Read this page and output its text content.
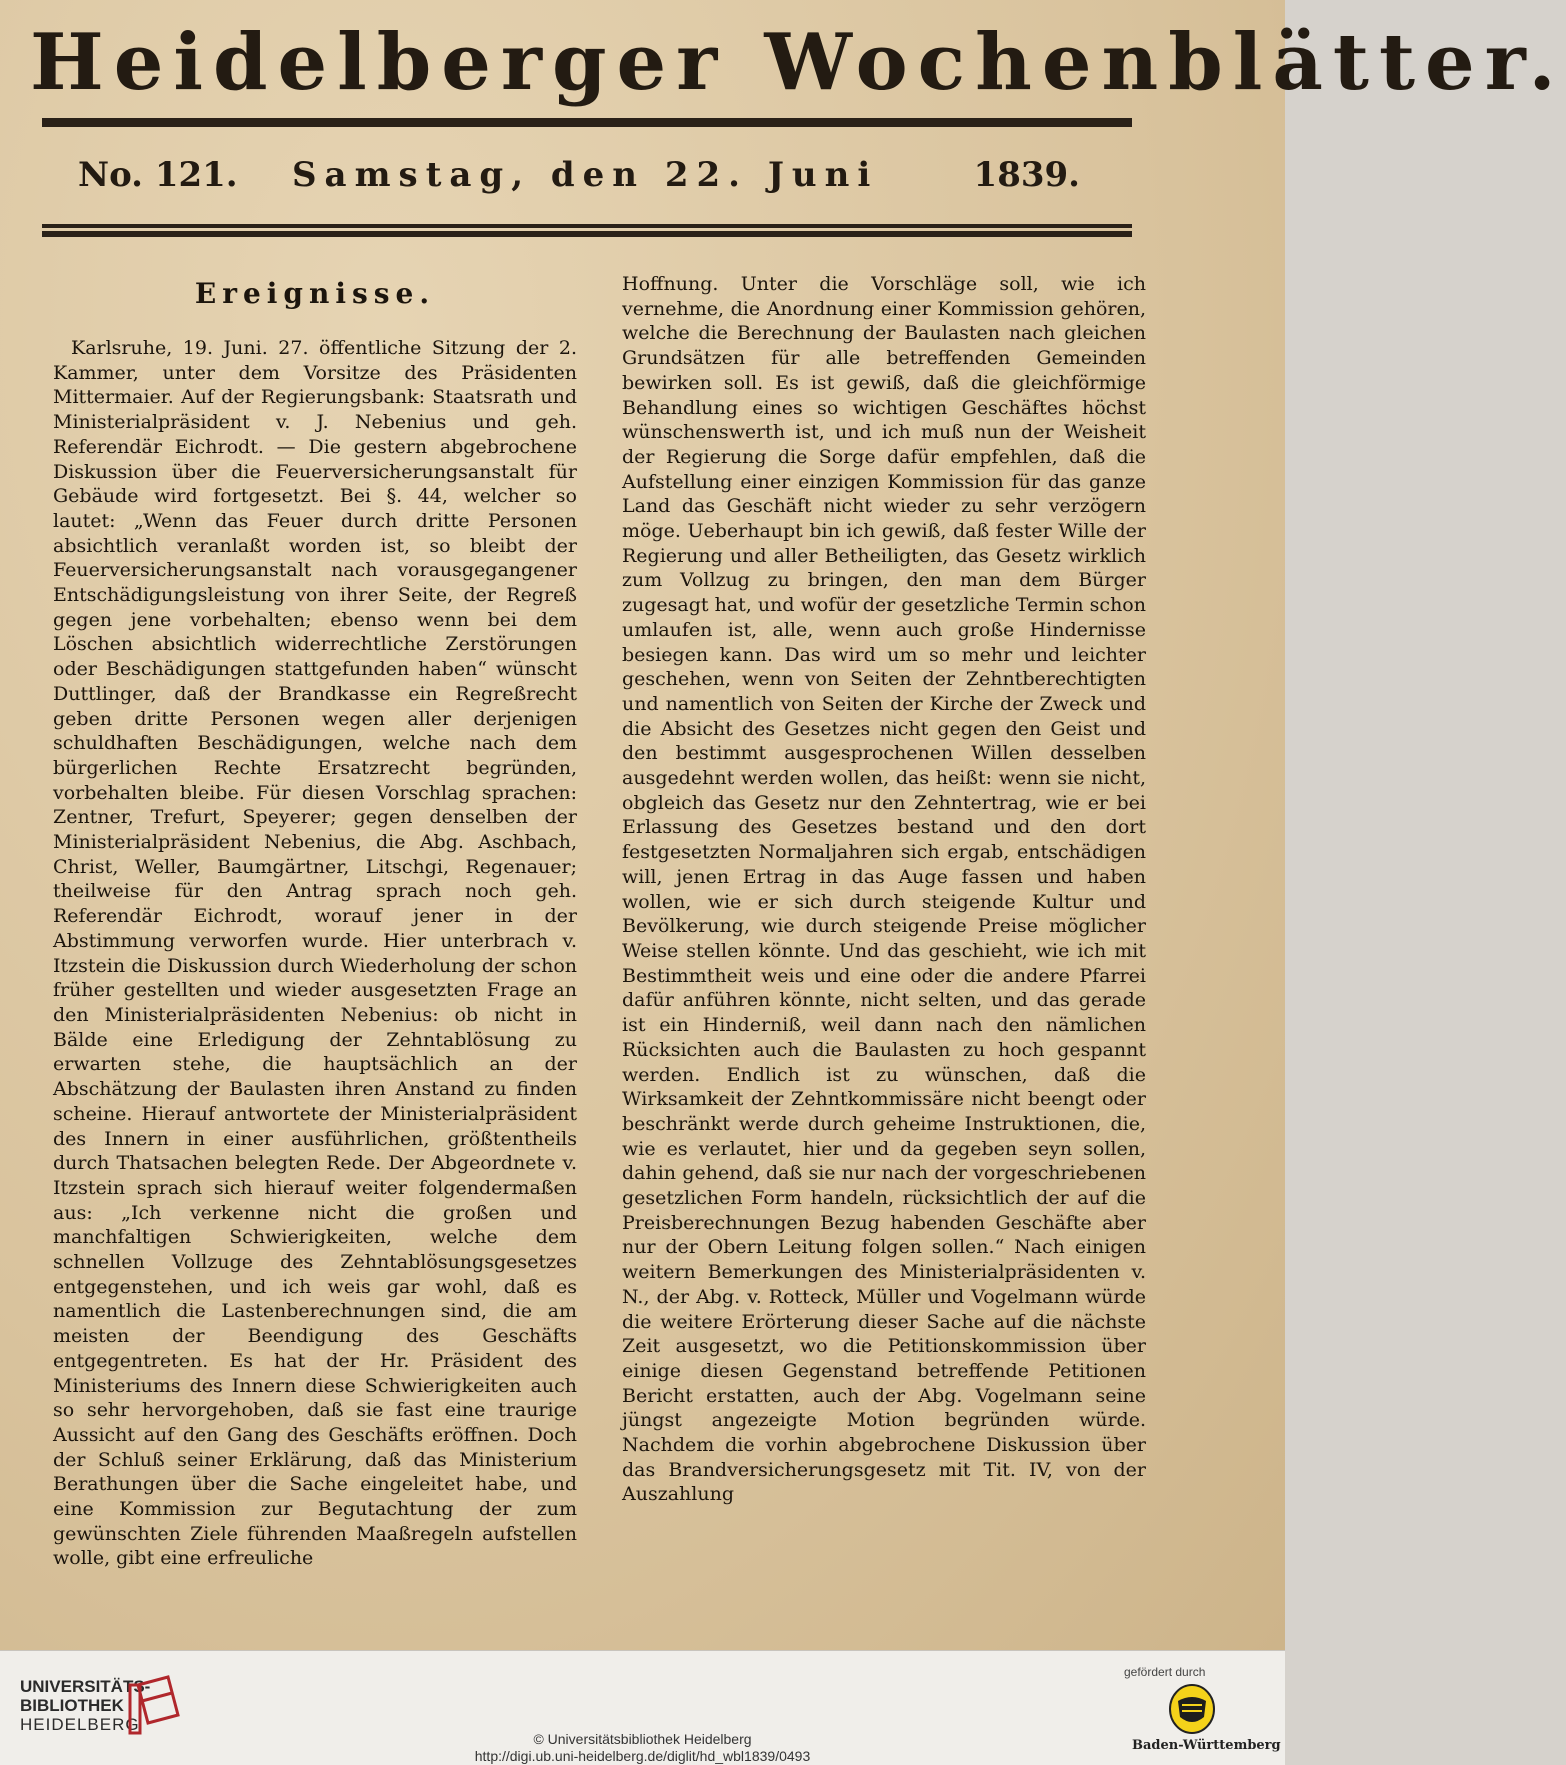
Heidelberger Wochenblätter.
No. 121. Samstag, den 22. Juni	1839.

Ereignisse.

Karlsruhe, 19. Juni. 27. öffentliche Sitzung der 2. Kammer, unter dem Vorsitze des Präsidenten Mittermaier. Auf der Regierungsbank: Staatsrath und Ministerialpräsident v. J. Nebenius und geh. Referendär Eichrodt. — Die gestern abgebrochene Diskussion über die Feuerversicherungsanstalt für Gebäude wird fortgesetzt. Bei §. 44, welcher so lautet: „Wenn das Feuer durch dritte Personen absichtlich veranlaßt worden ist, so bleibt der Feuerversicherungsanstalt nach vorausgegangener Entschädigungsleistung von ihrer Seite, der Regreß gegen jene vorbehalten; ebenso wenn bei dem Löschen absichtlich widerrechtliche Zerstörungen oder Beschädigungen stattgefunden haben“ wünscht Duttlinger, daß der Brandkasse ein Regreßrecht geben dritte Personen wegen aller derjenigen schuldhaften Beschädigungen, welche nach dem bürgerlichen Rechte Ersatzrecht begründen, vorbehalten bleibe. Für diesen Vorschlag sprachen: Zentner, Trefurt, Speyerer; gegen denselben der Ministerialpräsident Nebenius, die Abg. Aschbach, Christ, Weller, Baumgärtner, Litschgi, Regenauer; theilweise für den Antrag sprach noch geh. Referendär Eichrodt, worauf jener in der Abstimmung verworfen wurde. Hier unterbrach v. Itzstein die Diskussion durch Wiederholung der schon früher gestellten und wieder ausgesetzten Frage an den Ministerialpräsidenten Nebenius: ob nicht in Bälde eine Erledigung der Zehntablösung zu erwarten stehe, die hauptsächlich an der Abschätzung der Baulasten ihren Anstand zu finden scheine. Hierauf antwortete der Ministerialpräsident des Innern in einer ausführlichen, größtentheils durch Thatsachen belegten Rede. Der Abgeordnete v. Itzstein sprach sich hierauf weiter folgendermaßen aus: „Ich verkenne nicht die großen und manchfaltigen Schwierigkeiten, welche dem schnellen Vollzuge des Zehntablösungsgesetzes entgegenstehen, und ich weis gar wohl, daß es namentlich die Lastenberechnungen sind, die am meisten der Beendigung des Geschäfts entgegentreten. Es hat der Hr. Präsident des Ministeriums des Innern diese Schwierigkeiten auch so sehr hervorgehoben, daß sie fast eine traurige Aussicht auf den Gang des Geschäfts eröffnen. Doch der Schluß seiner Erklärung, daß das Ministerium Berathungen über die Sache eingeleitet habe, und eine Kommission zur Begutachtung der zum gewünschten Ziele führenden Maaßregeln aufstellen wolle, gibt eine erfreuliche

Hoffnung. Unter die Vorschläge soll, wie ich vernehme, die Anordnung einer Kommission gehören, welche die Berechnung der Baulasten nach gleichen Grundsätzen für alle betreffenden Gemeinden bewirken soll. Es ist gewiß, daß die gleichförmige Behandlung eines so wichtigen Geschäftes höchst wünschenswerth ist, und ich muß nun der Weisheit der Regierung die Sorge dafür empfehlen, daß die Aufstellung einer einzigen Kommission für das ganze Land das Geschäft nicht wieder zu sehr verzögern möge. Ueberhaupt bin ich gewiß, daß fester Wille der Regierung und aller Betheiligten, das Gesetz wirklich zum Vollzug zu bringen, den man dem Bürger zugesagt hat, und wofür der gesetzliche Termin schon umlaufen ist, alle, wenn auch große Hindernisse besiegen kann. Das wird um so mehr und leichter geschehen, wenn von Seiten der Zehntberechtigten und namentlich von Seiten der Kirche der Zweck und die Absicht des Gesetzes nicht gegen den Geist und den bestimmt ausgesprochenen Willen desselben ausgedehnt werden wollen, das heißt: wenn sie nicht, obgleich das Gesetz nur den Zehntertrag, wie er bei Erlassung des Gesetzes bestand und den dort festgesetzten Normaljahren sich ergab, entschädigen will, jenen Ertrag in das Auge fassen und haben wollen, wie er sich durch steigende Kultur und Bevölkerung, wie durch steigende Preise möglicher Weise stellen könnte. Und das geschieht, wie ich mit Bestimmtheit weis und eine oder die andere Pfarrei dafür anführen könnte, nicht selten, und das gerade ist ein Hinderniß, weil dann nach den nämlichen Rücksichten auch die Baulasten zu hoch gespannt werden. Endlich ist zu wünschen, daß die Wirksamkeit der Zehntkommissäre nicht beengt oder beschränkt werde durch geheime Instruktionen, die, wie es verlautet, hier und da gegeben seyn sollen, dahin gehend, daß sie nur nach der vorgeschriebenen gesetzlichen Form handeln, rücksichtlich der auf die Preisberechnungen Bezug habenden Geschäfte aber nur der Obern Leitung folgen sollen.“ Nach einigen weitern Bemerkungen des Ministerialpräsidenten v. N., der Abg. v. Rotteck, Müller und Vogelmann würde die weitere Erörterung dieser Sache auf die nächste Zeit ausgesetzt, wo die Petitionskommission über einige diesen Gegenstand betreffende Petitionen Bericht erstatten, auch der Abg. Vogelmann seine jüngst angezeigte Motion begründen würde. Nachdem die vorhin abgebrochene Diskussion über das Brandversicherungsgesetz mit Tit. IV, von der Auszahlung

UNIVERSITÄTS-
BIBLIOTHEK
HEIDELBERG
© Universitätsbibliothek Heidelberg
http://digi.ub.uni-heidelberg.de/diglit/hd_wbl1839/0493
gefördert durch
Baden-Württemberg
